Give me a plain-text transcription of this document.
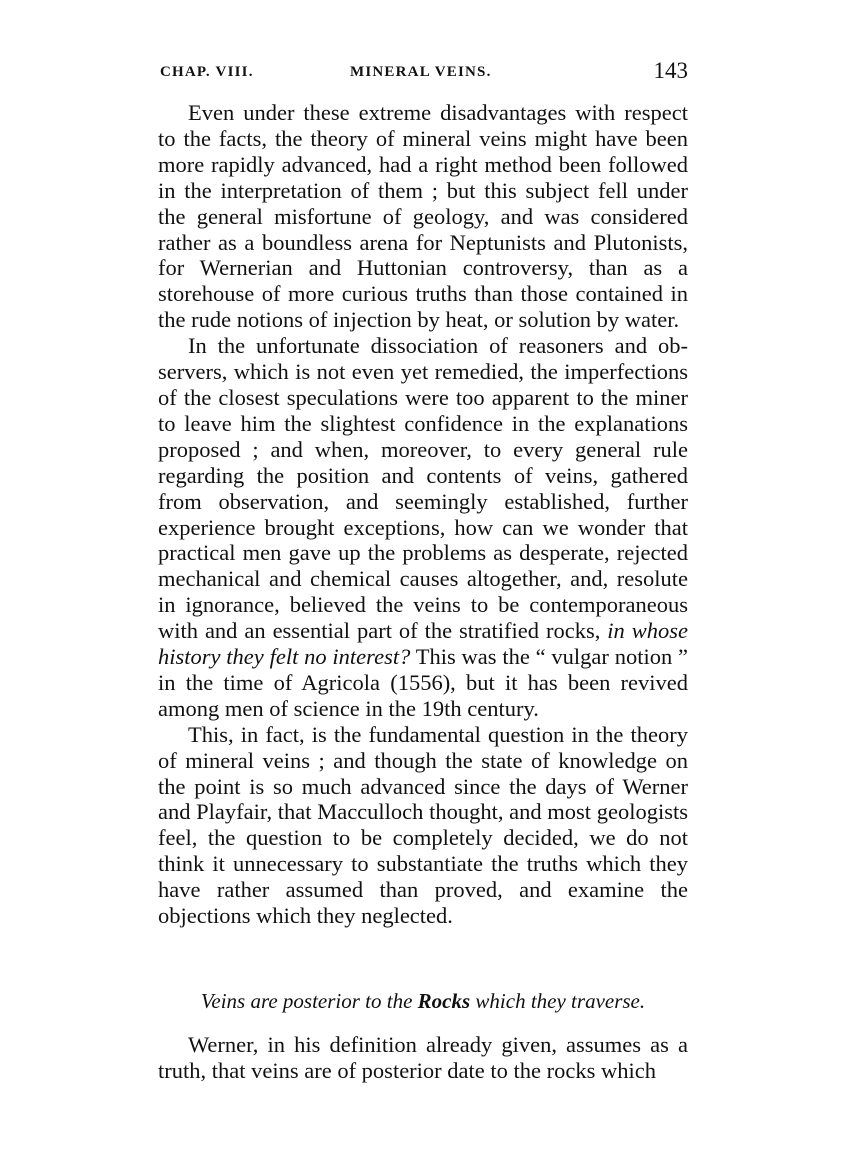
CHAP. VIII.	MINERAL VEINS.	143

Even under these extreme disadvantages with respect to the facts, the theory of mineral veins might have been more rapidly advanced, had a right method been followed in the interpretation of them ; but this subject fell under the general misfortune of geology, and was considered rather as a boundless arena for Neptunists and Plutonists, for Wernerian and Huttonian controversy, than as a storehouse of more curious truths than those contained in the rude notions of injection by heat, or solution by water.

In the unfortunate dissociation of reasoners and observers, which is not even yet remedied, the imperfections of the closest speculations were too apparent to the miner to leave him the slightest confidence in the explanations proposed ; and when, moreover, to every general rule regarding the position and contents of veins, gathered from observation, and seemingly established, further experience brought exceptions, how can we wonder that practical men gave up the problems as desperate, rejected mechanical and chemical causes altogether, and, resolute in ignorance, believed the veins to be contemporaneous with and an essential part of the stratified rocks, in whose history they felt no interest? This was the “ vulgar notion ” in the time of Agricola (1556), but it has been revived among men of science in the 19th century.

This, in fact, is the fundamental question in the theory of mineral veins ; and though the state of knowledge on the point is so much advanced since the days of Werner and Playfair, that Macculloch thought, and most geologists feel, the question to be completely decided, we do not think it unnecessary to substantiate the truths which they have rather assumed than proved, and examine the objections which they neglected.

Veins are posterior to the Rocks which they traverse.

Werner, in his definition already given, assumes as a truth, that veins are of posterior date to the rocks which
